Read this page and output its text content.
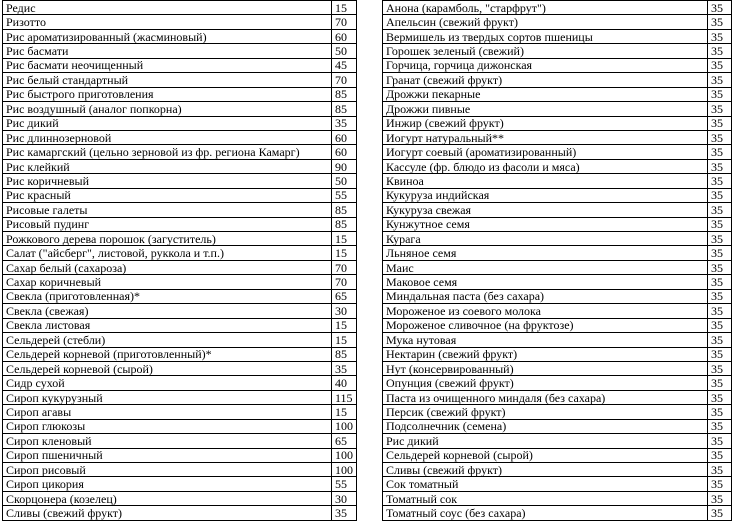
Редис	15
Ризотто	70
Рис ароматизированный (жасминовый)	60
Рис басмати	50
Рис басмати неочищенный	45
Рис белый стандартный	70
Рис быстрого приготовления	85
Рис воздушный (аналог попкорна)	85
Рис дикий	35
Рис длиннозерновой	60
Рис камаргский (цельно зерновой из фр. региона Камарг)	60
Рис клейкий	90
Рис коричневый	50
Рис красный	55
Рисовые галеты	85
Рисовый пудинг	85
Рожкового дерева порошок (загуститель)	15
Салат ("айсберг", листовой, руккола и т.п.)	15
Сахар белый (сахароза)	70
Сахар коричневый	70
Свекла (приготовленная)*	65
Свекла (свежая)	30
Свекла листовая	15
Сельдерей (стебли)	15
Сельдерей корневой (приготовленный)*	85
Сельдерей корневой (сырой)	35
Сидр сухой	40
Сироп кукурузный	115
Сироп агавы	15
Сироп глюкозы	100
Сироп кленовый	65
Сироп пшеничный	100
Сироп рисовый	100
Сироп цикория	55
Скорцонера (козелец)	30
Сливы (свежий фрукт)	35
Анона (карамболь, "старфрут")	35
Апельсин (свежий фрукт)	35
Вермишель из твердых сортов пшеницы	35
Горошек зеленый (свежий)	35
Горчица, горчица дижонская	35
Гранат (свежий фрукт)	35
Дрожжи пекарные	35
Дрожжи пивные	35
Инжир (свежий фрукт)	35
Иогурт натуральный**	35
Иогурт соевый (ароматизированный)	35
Кассуле (фр. блюдо из фасоли и мяса)	35
Квиноа	35
Кукуруза индийская	35
Кукуруза свежая	35
Кунжутное семя	35
Курага	35
Льняное семя	35
Маис	35
Маковое семя	35
Миндальная паста (без сахара)	35
Мороженое из соевого молока	35
Мороженое сливочное (на фруктозе)	35
Мука нутовая	35
Нектарин (свежий фрукт)	35
Нут (консервированный)	35
Опунция (свежий фрукт)	35
Паста из очищенного миндаля (без сахара)	35
Персик (свежий фрукт)	35
Подсолнечник (семена)	35
Рис дикий	35
Сельдерей корневой (сырой)	35
Сливы (свежий фрукт)	35
Сок томатный	35
Томатный сок	35
Томатный соус (без сахара)	35
